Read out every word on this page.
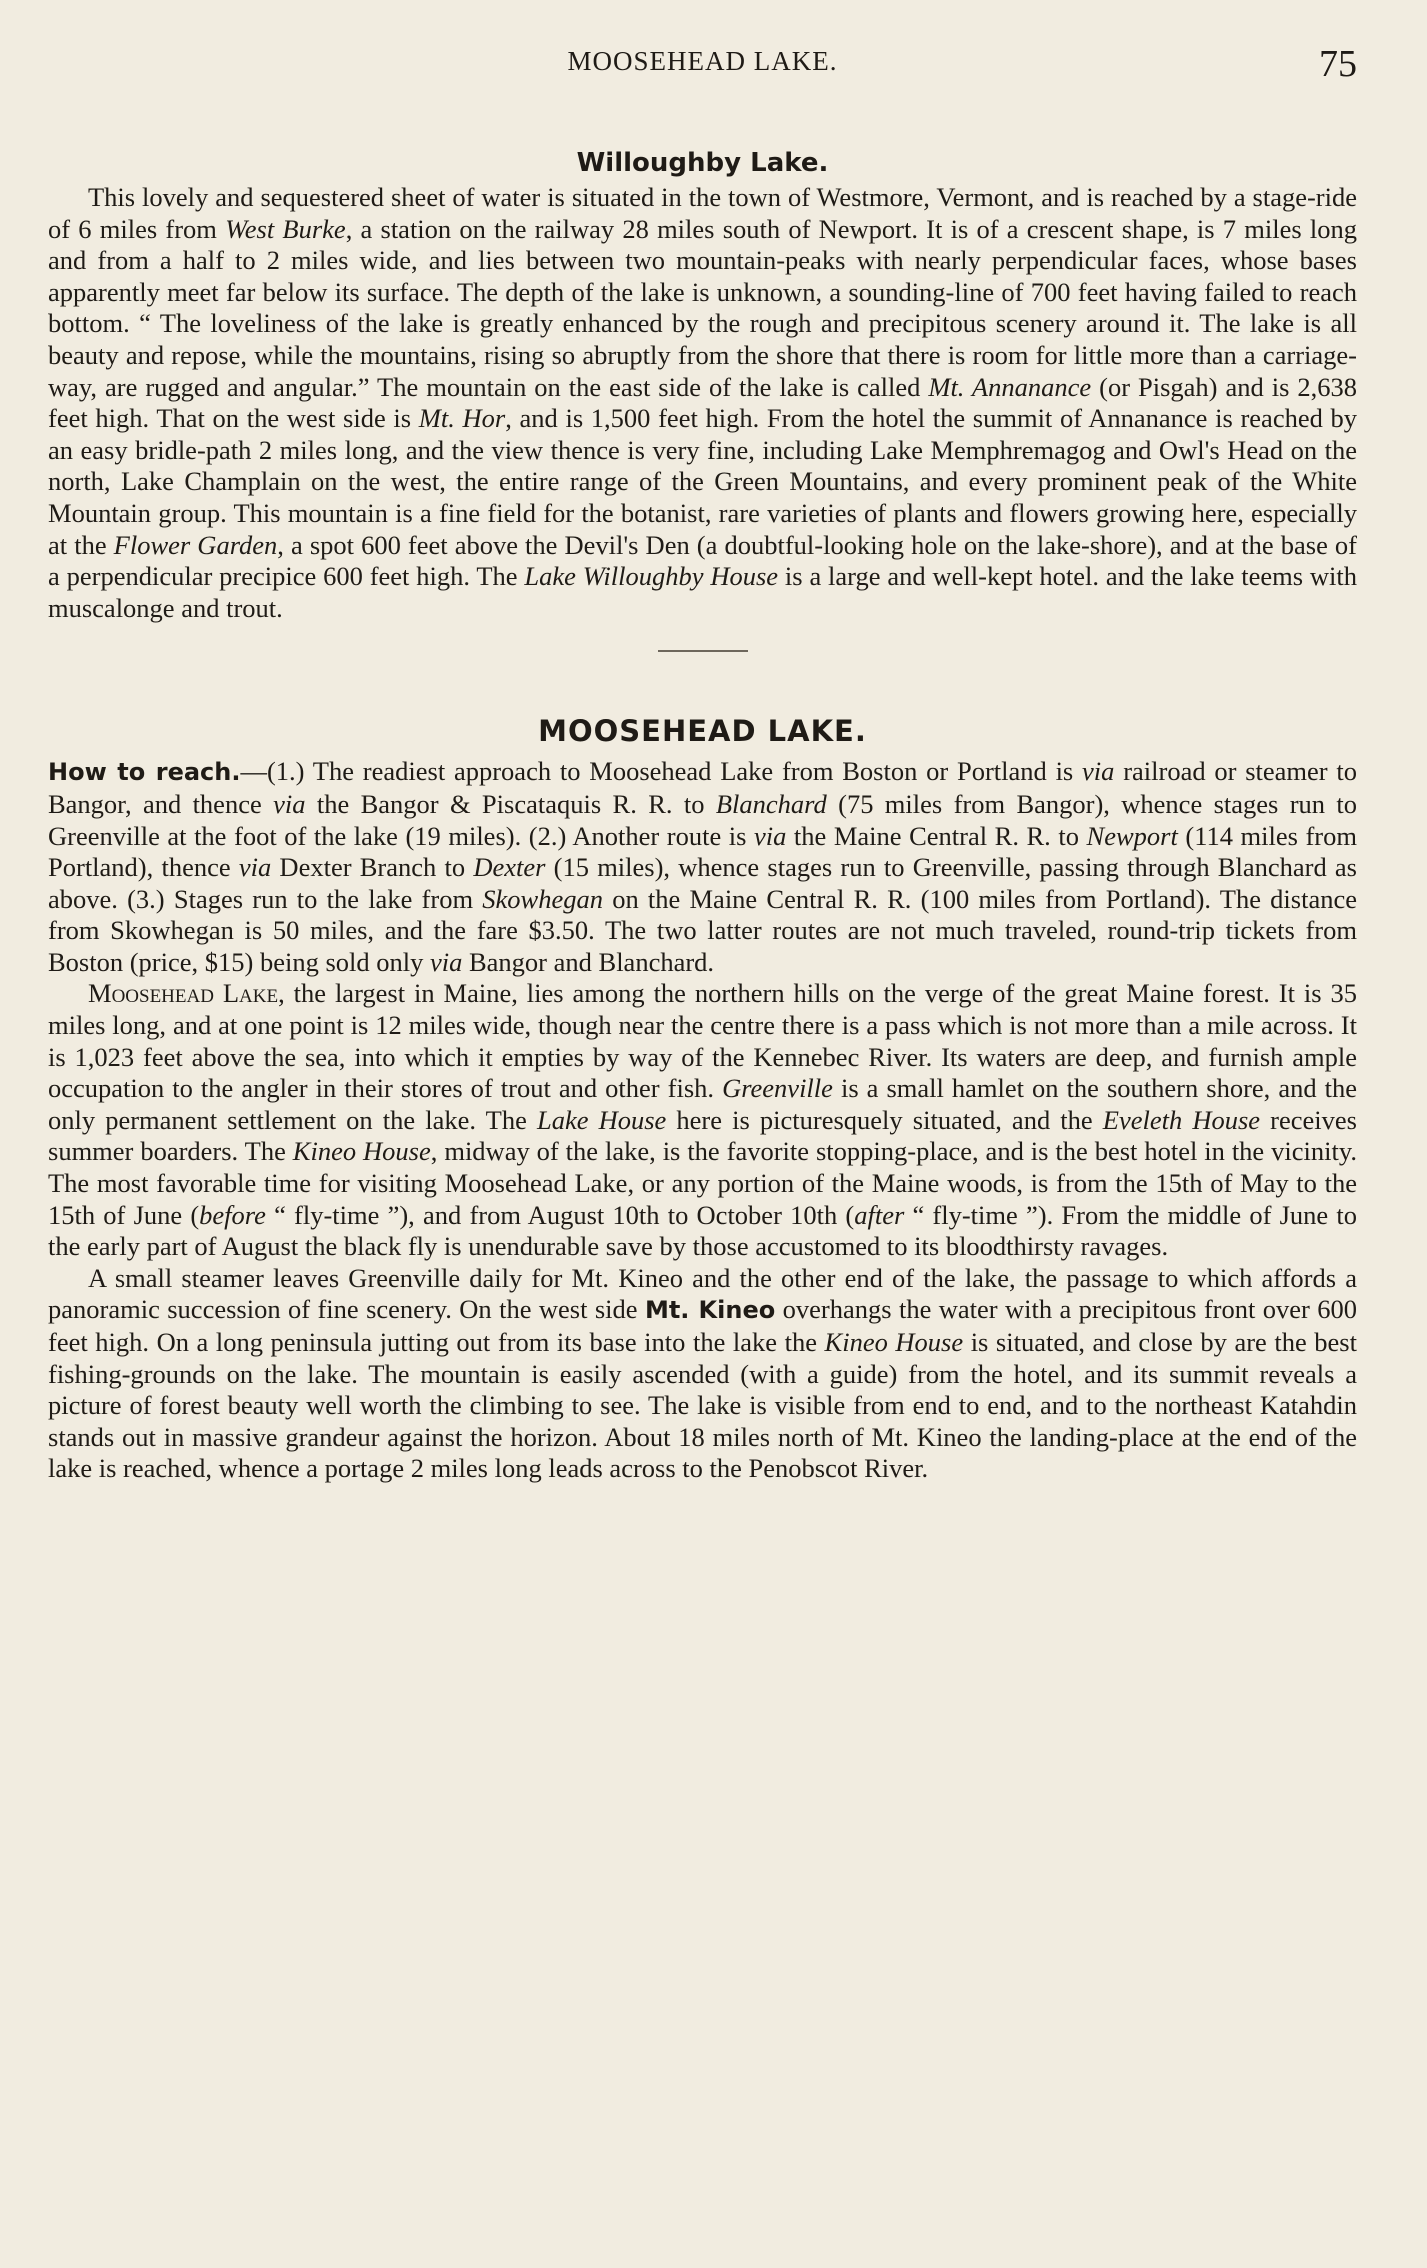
MOOSEHEAD LAKE.	75
Willoughby Lake.

This lovely and sequestered sheet of water is situated in the town of Westmore, Vermont, and is reached by a stage-ride of 6 miles from West Burke, a station on the railway 28 miles south of Newport. It is of a crescent shape, is 7 miles long and from a half to 2 miles wide, and lies between two mountain-peaks with nearly perpendicular faces, whose bases apparently meet far below its surface. The depth of the lake is unknown, a sounding-line of 700 feet having failed to reach bottom. “ The loveliness of the lake is greatly enhanced by the rough and precipitous scenery around it. The lake is all beauty and repose, while the mountains, rising so abruptly from the shore that there is room for little more than a carriage-way, are rugged and angular.” The mountain on the east side of the lake is called Mt. Annanance (or Pisgah) and is 2,638 feet high. That on the west side is Mt. Hor, and is 1,500 feet high. From the hotel the summit of Annanance is reached by an easy bridle-path 2 miles long, and the view thence is very fine, including Lake Memphremagog and Owl's Head on the north, Lake Champlain on the west, the entire range of the Green Mountains, and every prominent peak of the White Mountain group. This mountain is a fine field for the botanist, rare varieties of plants and flowers growing here, especially at the Flower Garden, a spot 600 feet above the Devil's Den (a doubtful-looking hole on the lake-shore), and at the base of a perpendicular precipice 600 feet high. The Lake Willoughby House is a large and well-kept hotel. and the lake teems with muscalonge and trout.

MOOSEHEAD LAKE.

How to reach.—(1.) The readiest approach to Moosehead Lake from Boston or Portland is via railroad or steamer to Bangor, and thence via the Bangor & Piscataquis R. R. to Blanchard (75 miles from Bangor), whence stages run to Greenville at the foot of the lake (19 miles). (2.) Another route is via the Maine Central R. R. to Newport (114 miles from Portland), thence via Dexter Branch to Dexter (15 miles), whence stages run to Greenville, passing through Blanchard as above. (3.) Stages run to the lake from Skowhegan on the Maine Central R. R. (100 miles from Portland). The distance from Skowhegan is 50 miles, and the fare $3.50. The two latter routes are not much traveled, round-trip tickets from Boston (price, $15) being sold only via Bangor and Blanchard.

Moosehead Lake, the largest in Maine, lies among the northern hills on the verge of the great Maine forest. It is 35 miles long, and at one point is 12 miles wide, though near the centre there is a pass which is not more than a mile across. It is 1,023 feet above the sea, into which it empties by way of the Kennebec River. Its waters are deep, and furnish ample occupation to the angler in their stores of trout and other fish. Greenville is a small hamlet on the southern shore, and the only permanent settlement on the lake. The Lake House here is picturesquely situated, and the Eveleth House receives summer boarders. The Kineo House, midway of the lake, is the favorite stopping-place, and is the best hotel in the vicinity. The most favorable time for visiting Moosehead Lake, or any portion of the Maine woods, is from the 15th of May to the 15th of June (before “ fly-time ”), and from August 10th to October 10th (after “ fly-time ”). From the middle of June to the early part of August the black fly is unendurable save by those accustomed to its bloodthirsty ravages.

A small steamer leaves Greenville daily for Mt. Kineo and the other end of the lake, the passage to which affords a panoramic succession of fine scenery. On the west side Mt. Kineo overhangs the water with a precipitous front over 600 feet high. On a long peninsula jutting out from its base into the lake the Kineo House is situated, and close by are the best fishing-grounds on the lake. The mountain is easily ascended (with a guide) from the hotel, and its summit reveals a picture of forest beauty well worth the climbing to see. The lake is visible from end to end, and to the northeast Katahdin stands out in massive grandeur against the horizon. About 18 miles north of Mt. Kineo the landing-place at the end of the lake is reached, whence a portage 2 miles long leads across to the Penobscot River.
